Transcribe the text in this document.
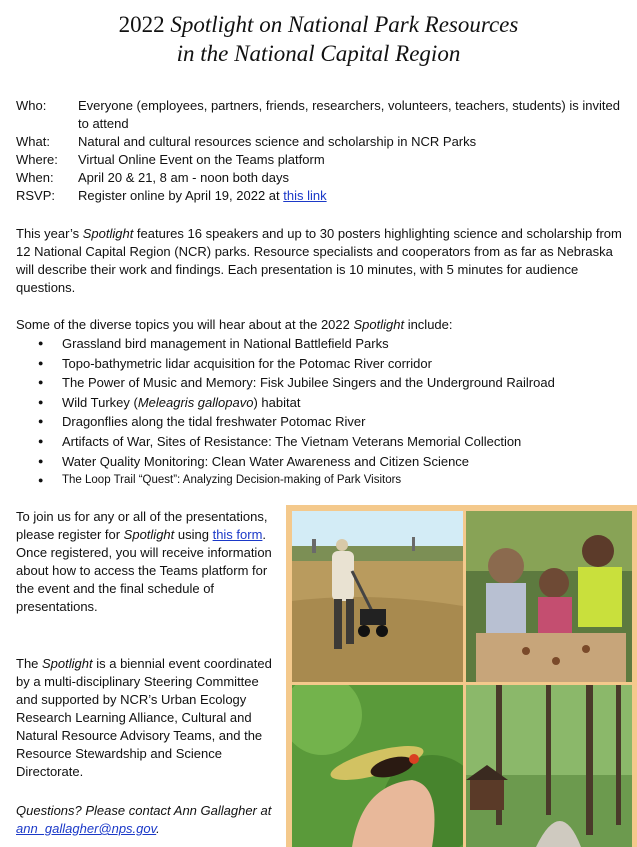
2022 Spotlight on National Park Resources
in the National Capital Region
Who:	Everyone (employees, partners, friends, researchers, volunteers, teachers, students) is invited to attend
What:	Natural and cultural resources science and scholarship in NCR Parks
Where:	Virtual Online Event on the Teams platform
When:	April 20 & 21, 8 am - noon both days
RSVP:	Register online by April 19, 2022 at this link
This year’s Spotlight features 16 speakers and up to 30 posters highlighting science and scholarship from 12 National Capital Region (NCR) parks. Resource specialists and cooperators from as far as Nebraska will describe their work and findings. Each presentation is 10 minutes, with 5 minutes for audience questions.
Some of the diverse topics you will hear about at the 2022 Spotlight include:
● Grassland bird management in National Battlefield Parks
● Topo-bathymetric lidar acquisition for the Potomac River corridor
● The Power of Music and Memory: Fisk Jubilee Singers and the Underground Railroad
● Wild Turkey (Meleagris gallopavo) habitat
● Dragonflies along the tidal freshwater Potomac River
● Artifacts of War, Sites of Resistance: The Vietnam Veterans Memorial Collection
● Water Quality Monitoring: Clean Water Awareness and Citizen Science
● The Loop Trail “Quest”: Analyzing Decision-making of Park Visitors
To join us for any or all of the presentations, please register for Spotlight using this form. Once registered, you will receive information about how to access the Teams platform for the event and the final schedule of presentations.
The Spotlight is a biennial event coordinated by a multi-disciplinary Steering Committee and supported by NCR’s Urban Ecology Research Learning Alliance, Cultural and Natural Resource Advisory Teams, and the Resource Stewardship and Science Directorate.
Questions? Please contact Ann Gallagher at ann_gallagher@nps.gov.
